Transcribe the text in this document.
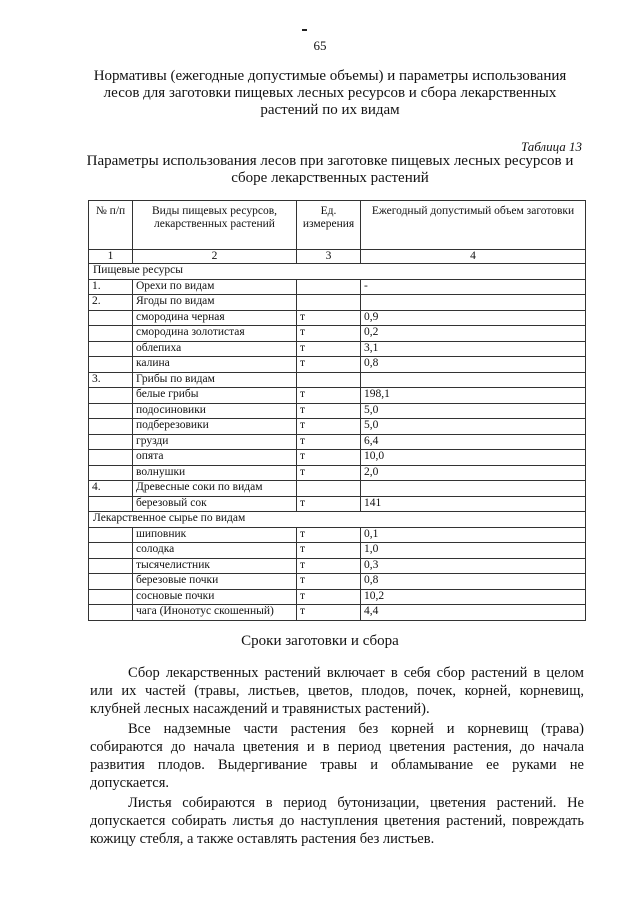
65
Нормативы (ежегодные допустимые объемы) и параметры использования лесов для заготовки пищевых лесных ресурсов и сбора лекарственных растений по их видам
Таблица 13
Параметры использования лесов при заготовке пищевых лесных ресурсов и сборе лекарственных растений
№ п/п	Виды пищевых ресурсов, лекарственных растений	Ед. измерения	Ежегодный допустимый объем заготовки
1	2	3	4
Пищевые ресурсы			
1.	Орехи по видам		-
2.	Ягоды по видам		
	смородина черная	т	0,9
	смородина золотистая	т	0,2
	облепиха	т	3,1
	калина	т	0,8
3.	Грибы по видам		
	белые грибы	т	198,1
	подосиновики	т	5,0
	подберезовики	т	5,0
	грузди	т	6,4
	опята	т	10,0
	волнушки	т	2,0
4.	Древесные соки по видам		
	березовый сок	т	141
Лекарственное сырье по видам			
	шиповник	т	0,1
	солодка	т	1,0
	тысячелистник	т	0,3
	березовые почки	т	0,8
	сосновые почки	т	10,2
	чага (Инонотус скошенный)	т	4,4
Сроки заготовки и сбора

Сбор лекарственных растений включает в себя сбор растений в целом или их частей (травы, листьев, цветов, плодов, почек, корней, корневищ, клубней лесных насаждений и травянистых растений).

Все надземные части растения без корней и корневищ (трава) собираются до начала цветения и в период цветения растения, до начала развития плодов. Выдергивание травы и обламывание ее руками не допускается.

Листья собираются в период бутонизации, цветения растений. Не допускается собирать листья до наступления цветения растений, повреждать кожицу стебля, а также оставлять растения без листьев.
